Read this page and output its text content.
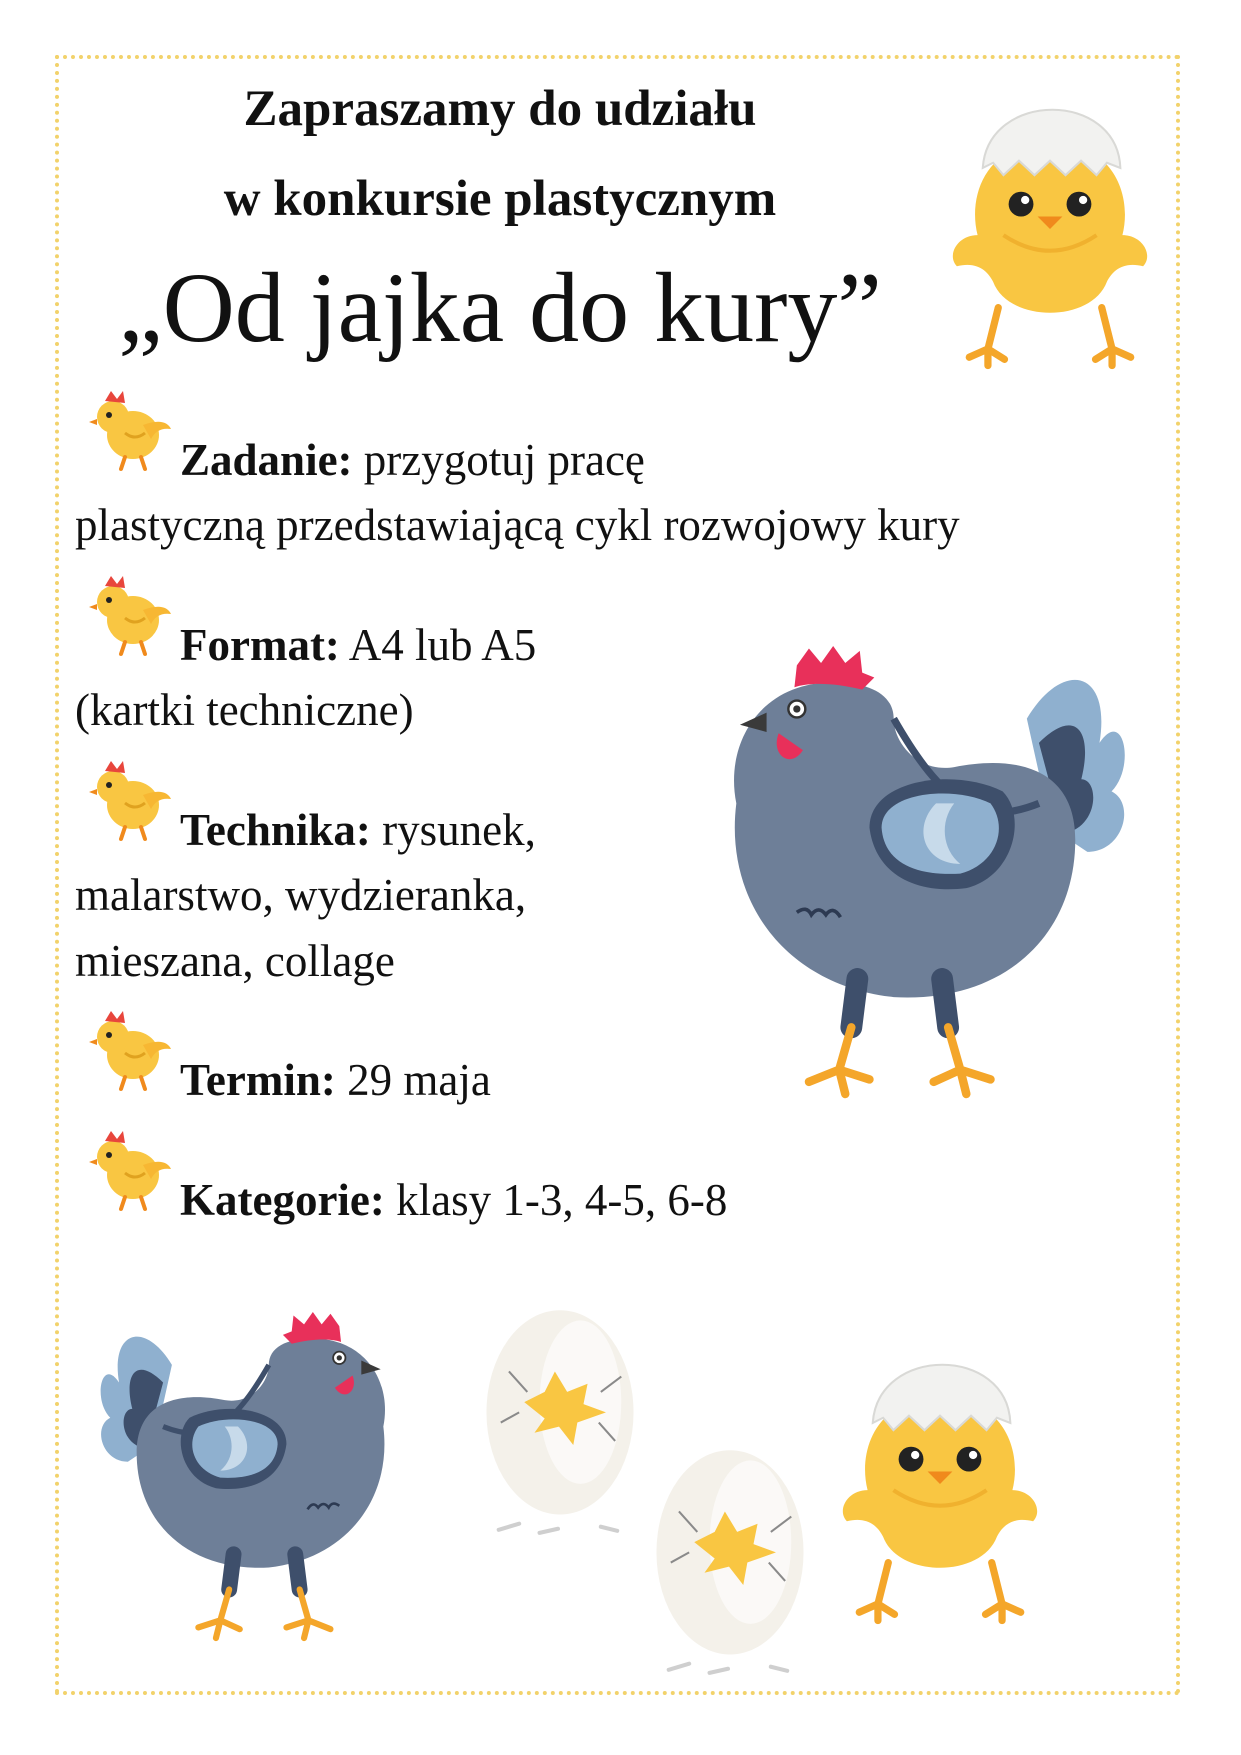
Zapraszamy do udziału
w konkursie plastycznym
„Od jajka do kury”
Zadanie: przygotuj pracę
plastyczną przedstawiającą cykl rozwojowy kury
Format: A4 lub A5
(kartki techniczne)
Technika: rysunek,
malarstwo, wydzieranka,
mieszana, collage
Termin: 29 maja
Kategorie: klasy 1-3, 4-5, 6-8
